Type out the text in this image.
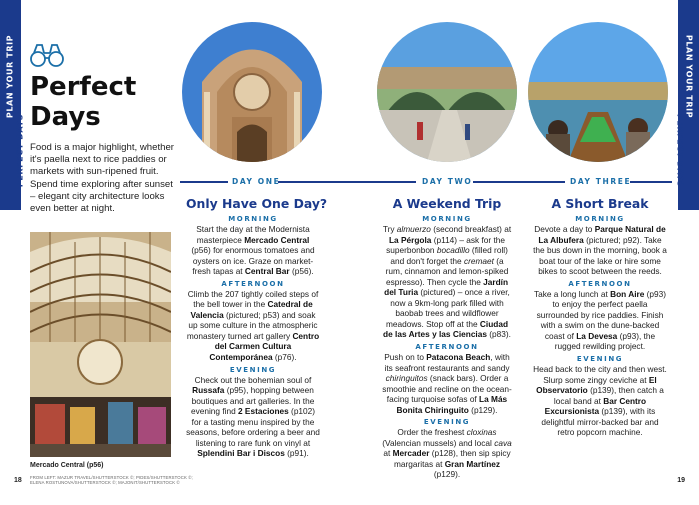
PLAN YOUR TRIP
PERFECT DAYS
PLAN YOUR TRIP
PERFECT DAYS
Perfect
Days
Food is a major highlight, whether it's paella next to rice paddies or markets with sun-ripened fruit. Spend time exploring after sunset – elegant city architecture looks even better at night.
Mercado Central (p56)
FROM LEFT: MAZUR TRAVEL/SHUTTERSTOCK ©; PIDES/SHUTTERSTOCK ©; ELENA ROSTUNOVA/SHUTTERSTOCK ©; MAJONIT/SHUTTERSTOCK ©
18	19
DAY ONE	DAY TWO	DAY THREE
Only Have One Day?
MORNING
Start the day at the Modernista masterpiece Mercado Central (p56) for enormous tomatoes and oysters on ice. Graze on market-fresh tapas at Central Bar (p56).
AFTERNOON
Climb the 207 tightly coiled steps of the bell tower in the Catedral de Valencia (pictured; p53) and soak up some culture in the atmospheric monastery turned art gallery Centro del Carmen Cultura Contemporánea (p76).
EVENING
Check out the bohemian soul of Russafa (p95), hopping between boutiques and art galleries. In the evening find 2 Estaciones (p102) for a tasting menu inspired by the seasons, before ordering a beer and listening to rare funk on vinyl at Splendini Bar i Discos (p91).
A Weekend Trip
MORNING
Try almuerzo (second breakfast) at La Pérgola (p114) – ask for the superbonbon bocadillo (filled roll) and don't forget the cremaet (a rum, cinnamon and lemon-spiked espresso). Then cycle the Jardín del Turia (pictured) – once a river, now a 9km-long park filled with baobab trees and wildflower meadows. Stop off at the Ciudad de las Artes y las Ciencias (p83).
AFTERNOON
Push on to Patacona Beach, with its seafront restaurants and sandy chiringuitos (snack bars). Order a smoothie and recline on the ocean-facing turquoise sofas of La Más Bonita Chiringuito (p129).
EVENING
Order the freshest cloxinas (Valencian mussels) and local cava at Mercader (p128), then sip spicy margaritas at Gran Martínez (p129).
A Short Break
MORNING
Devote a day to Parque Natural de La Albufera (pictured; p92). Take the bus down in the morning, book a boat tour of the lake or hire some bikes to scoot between the reeds.
AFTERNOON
Take a long lunch at Bon Aire (p93) to enjoy the perfect paella surrounded by rice paddies. Finish with a swim on the dune-backed coast of La Devesa (p93), the rugged rewilding project.
EVENING
Head back to the city and then west. Slurp some zingy ceviche at El Observatorio (p139), then catch a local band at Bar Centro Excursionista (p139), with its delightful mirror-backed bar and retro popcorn machine.
